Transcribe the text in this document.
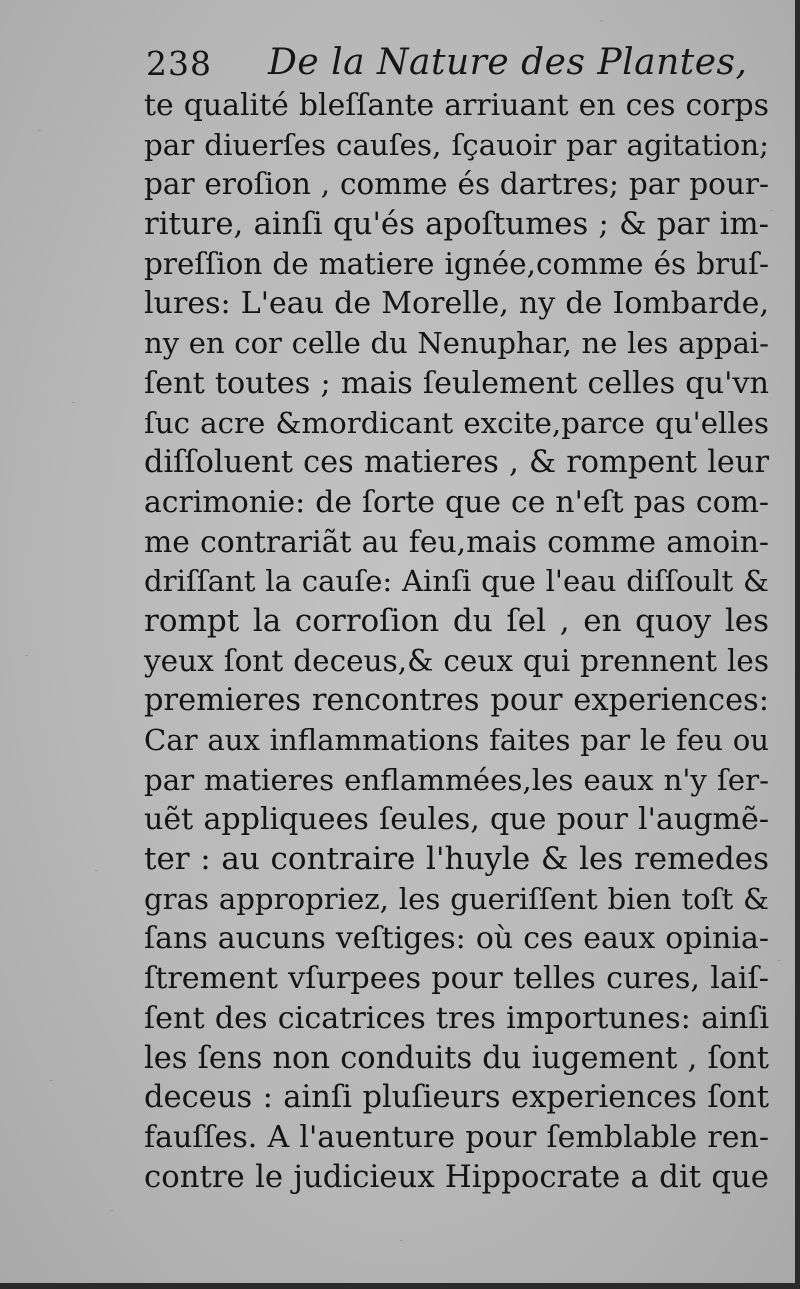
238 De la Nature des Plantes,
te qualité bleſſante arriuant en ces corps
par diuerſes cauſes, ſçauoir par agitation;
par eroſion , comme és dartres; par pour-
riture, ainſi qu'és apoſtumes ; & par im-
preſſion de matiere ignée,comme és bruſ-
lures: L'eau de Morelle, ny de Iombarde,
ny en cor celle du Nenuphar, ne les appai-
ſent toutes ; mais ſeulement celles qu'vn
ſuc acre &mordicant excite,parce qu'elles
diſſoluent ces matieres , & rompent leur
acrimonie: de ſorte que ce n'eſt pas com-
me contrariãt au feu,mais comme amoin-
driſſant la cauſe: Ainſi que l'eau diſſoult &
rompt la corroſion du ſel , en quoy les
yeux ſont deceus,& ceux qui prennent les
premieres rencontres pour experiences:
Car aux inflammations faites par le feu ou
par matieres enflammées,les eaux n'y ſer-
uẽt appliquees ſeules, que pour l'augmẽ-
ter : au contraire l'huyle & les remedes
gras appropriez, les gueriſſent bien toſt &
ſans aucuns veſtiges: où ces eaux opinia-
ſtrement vſurpees pour telles cures, laiſ-
ſent des cicatrices tres importunes: ainſi
les ſens non conduits du iugement , ſont
deceus : ainſi pluſieurs experiences ſont
fauſſes. A l'auenture pour ſemblable ren-
contre le judicieux Hippocrate a dit que
